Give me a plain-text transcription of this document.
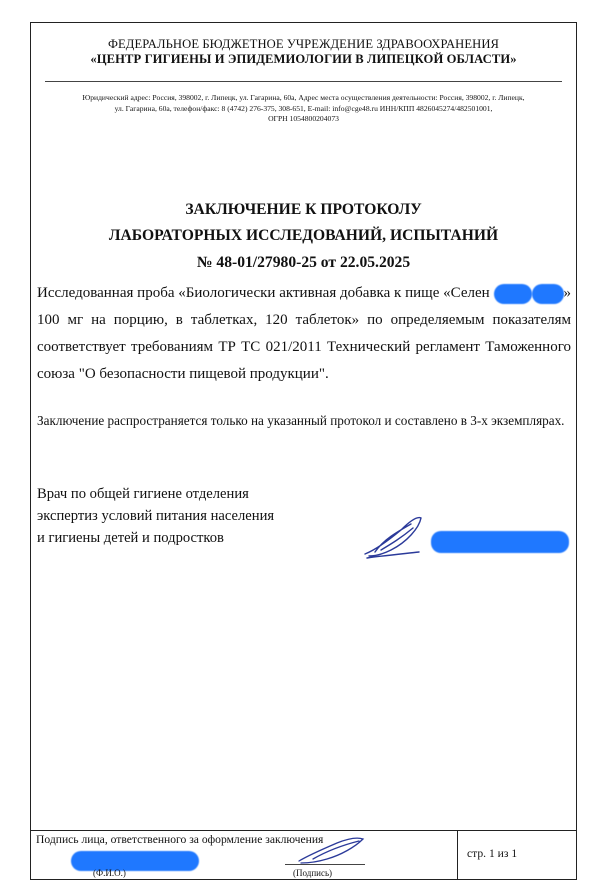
ФЕДЕРАЛЬНОЕ БЮДЖЕТНОЕ УЧРЕЖДЕНИЕ ЗДРАВООХРАНЕНИЯ
«ЦЕНТР ГИГИЕНЫ И ЭПИДЕМИОЛОГИИ В ЛИПЕЦКОЙ ОБЛАСТИ»
Юридический адрес: Россия, 398002, г. Липецк, ул. Гагарина, 60а, Адрес места осуществления деятельности: Россия, 398002, г. Липецк,
ул. Гагарина, 60а, телефон/факс: 8 (4742) 276-375, 308-651, E-mail: info@cge48.ru ИНН/КПП 4826045274/482501001,
ОГРН 1054800204073
ЗАКЛЮЧЕНИЕ К ПРОТОКОЛУ
ЛАБОРАТОРНЫХ ИССЛЕДОВАНИЙ, ИСПЫТАНИЙ
№ 48-01/27980-25 от 22.05.2025
Исследованная проба «Биологически активная добавка к пище «Селен	» 100 мг на порцию, в таблетках, 120 таблеток» по определяемым показателям соответствует требованиям ТР ТС 021/2011 Технический регламент Таможенного союза "О безопасности пищевой продукции".
Заключение распространяется только на указанный протокол и составлено в 3-х экземплярах.
Врач по общей гигиене отделения
экспертиз условий питания населения
и гигиены детей и подростков
Подпись лица, ответственного за оформление заключения
(Ф.И.О.)	(Подпись)
стр. 1 из 1
